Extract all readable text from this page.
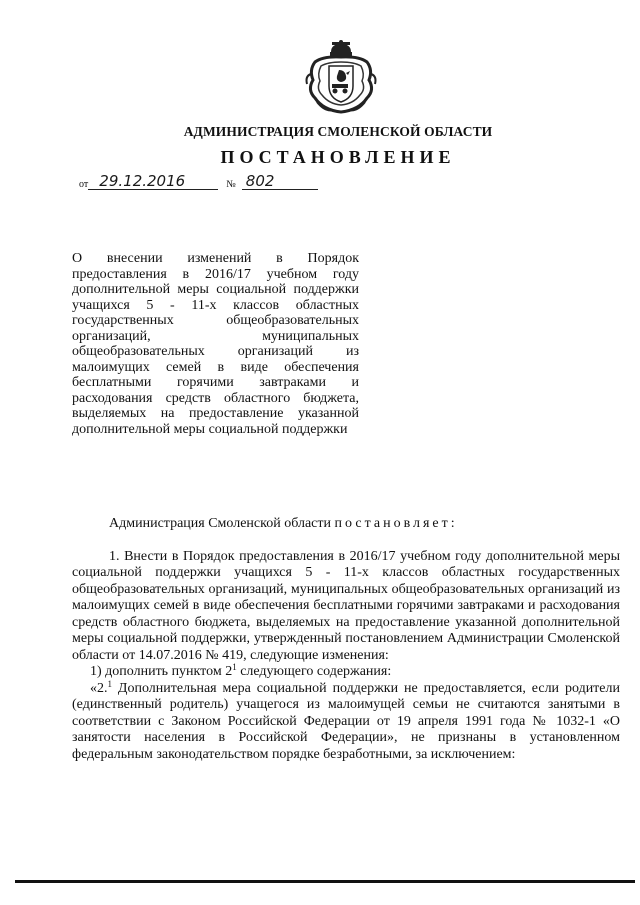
АДМИНИСТРАЦИЯ СМОЛЕНСКОЙ ОБЛАСТИ
ПОСТАНОВЛЕНИЕ
от 29.12.2016	№ 802
О внесении изменений в Порядок предоставления в 2016/17 учебном году дополнительной меры социальной поддержки учащихся 5 - 11-х классов областных государственных общеобразовательных организаций, муниципальных общеобразовательных организаций из малоимущих семей в виде обеспечения бесплатными горячими завтраками и расходования средств областного бюджета, выделяемых на предоставление указанной дополнительной меры социальной поддержки

Администрация Смоленской области постановляет:

1. Внести в Порядок предоставления в 2016/17 учебном году дополнительной меры социальной поддержки учащихся 5 - 11-х классов областных государственных общеобразовательных организаций, муниципальных общеобразовательных организаций из малоимущих семей в виде обеспечения бесплатными горячими завтраками и расходования средств областного бюджета, выделяемых на предоставление указанной дополнительной меры социальной поддержки, утвержденный постановлением Администрации Смоленской области от 14.07.2016 № 419, следующие изменения:

1) дополнить пунктом $2^1$ следующего содержания:

«2.$^1$ Дополнительная мера социальной поддержки не предоставляется, если родители (единственный родитель) учащегося из малоимущей семьи не считаются занятыми в соответствии с Законом Российской Федерации от 19 апреля 1991 года № 1032-1 «О занятости населения в Российской Федерации», не признаны в установленном федеральным законодательством порядке безработными, за исключением:
